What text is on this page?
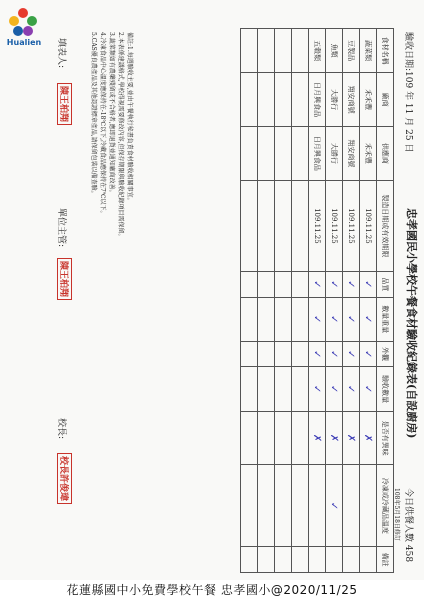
Hualien
忠孝國民小學校午餐食材驗收紀錄表(自設廚房)
驗收日期:109 年 11 月 25 日
今日供餐人數 458
108年5月18日修訂
食材名稱	廠商	供應商	製造日期或有效期限	品質	數量重量	外觀	驗收數量	是否有異味	冷凍或冷藏品溫度	備註
蔬菜類	禾禾豐	禾禾豐	109.11.25	✓	✓	✓	✓	✗		
豆製品	翔安商號	翔安商號	109.11.25	✓	✓	✓	✓	✗		
魚類	大勝行	大勝行	109.11.25	✓	✓	✓	✓	✗	✓	
五穀類	日月興食品	日月興食品	109.11.25	✓	✓	✓	✓	✗		

備註:1.每週驗收主要,並由午餐執行秘書負責食材驗收相關事宜。
2.本表係建議格式,學校得視需要修改內容,但保存期限與驗收紀錄項目需保留。
3.蔬菜類如有農藥殘留或不合格者,應即退貨並通知廠商改善。
4.冷凍食品中心溫度應保持在-18℃以下,冷藏食品應保持在7℃以下。
5.CAS優良農產品及其他認證標章產品,請保留包裝以備查驗。
填表人:
陳王柏翔
單位主管:
陳王柏翔
校長:
校長許俊瑋
花蓮縣國中小免費學校午餐 忠孝國小@2020/11/25
